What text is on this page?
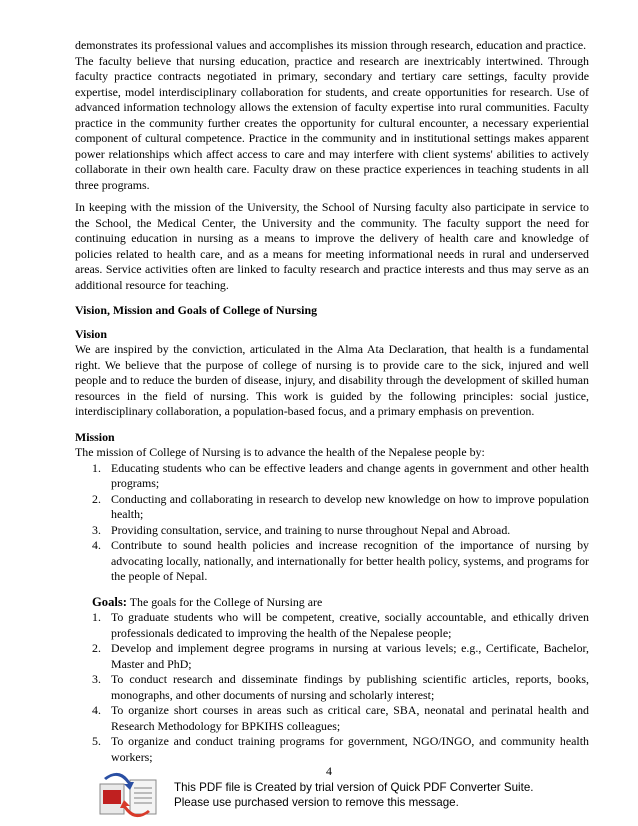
demonstrates its professional values and accomplishes its mission through research, education and practice.

The faculty believe that nursing education, practice and research are inextricably intertwined. Through faculty practice contracts negotiated in primary, secondary and tertiary care settings, faculty provide expertise, model interdisciplinary collaboration for students, and create opportunities for research. Use of advanced information technology allows the extension of faculty expertise into rural communities. Faculty practice in the community further creates the opportunity for cultural encounter, a necessary experiential component of cultural competence. Practice in the community and in institutional settings makes apparent power relationships which affect access to care and may interfere with client systems' abilities to actively collaborate in their own health care. Faculty draw on these practice experiences in teaching students in all three programs.

In keeping with the mission of the University, the School of Nursing faculty also participate in service to the School, the Medical Center, the University and the community. The faculty support the need for continuing education in nursing as a means to improve the delivery of health care and knowledge of policies related to health care, and as a means for meeting informational needs in rural and underserved areas. Service activities often are linked to faculty research and practice interests and thus may serve as an additional resource for teaching.

Vision, Mission and Goals of College of Nursing

Vision

We are inspired by the conviction, articulated in the Alma Ata Declaration, that health is a fundamental right. We believe that the purpose of college of nursing is to provide care to the sick, injured and well people and to reduce the burden of disease, injury, and disability through the development of skilled human resources in the field of nursing. This work is guided by the following principles: social justice, interdisciplinary collaboration, a population-based focus, and a primary emphasis on prevention.

Mission

The mission of College of Nursing is to advance the health of the Nepalese people by:

1. Educating students who can be effective leaders and change agents in government and other health programs;
2. Conducting and collaborating in research to develop new knowledge on how to improve population health;
3. Providing consultation, service, and training to nurse throughout Nepal and Abroad.
4. Contribute to sound health policies and increase recognition of the importance of nursing by advocating locally, nationally, and internationally for better health policy, systems, and programs for the people of Nepal.

Goals: The goals for the College of Nursing are

1. To graduate students who will be competent, creative, socially accountable, and ethically driven professionals dedicated to improving the health of the Nepalese people;
2. Develop and implement degree programs in nursing at various levels; e.g., Certificate, Bachelor, Master and PhD;
3. To conduct research and disseminate findings by publishing scientific articles, reports, books, monographs, and other documents of nursing and scholarly interest;
4. To organize short courses in areas such as critical care, SBA, neonatal and perinatal health and Research Methodology for BPKIHS colleagues;
5. To organize and conduct training programs for government, NGO/INGO, and community health workers;
4
This PDF file is Created by trial version of Quick PDF Converter Suite.
Please use purchased version to remove this message.
